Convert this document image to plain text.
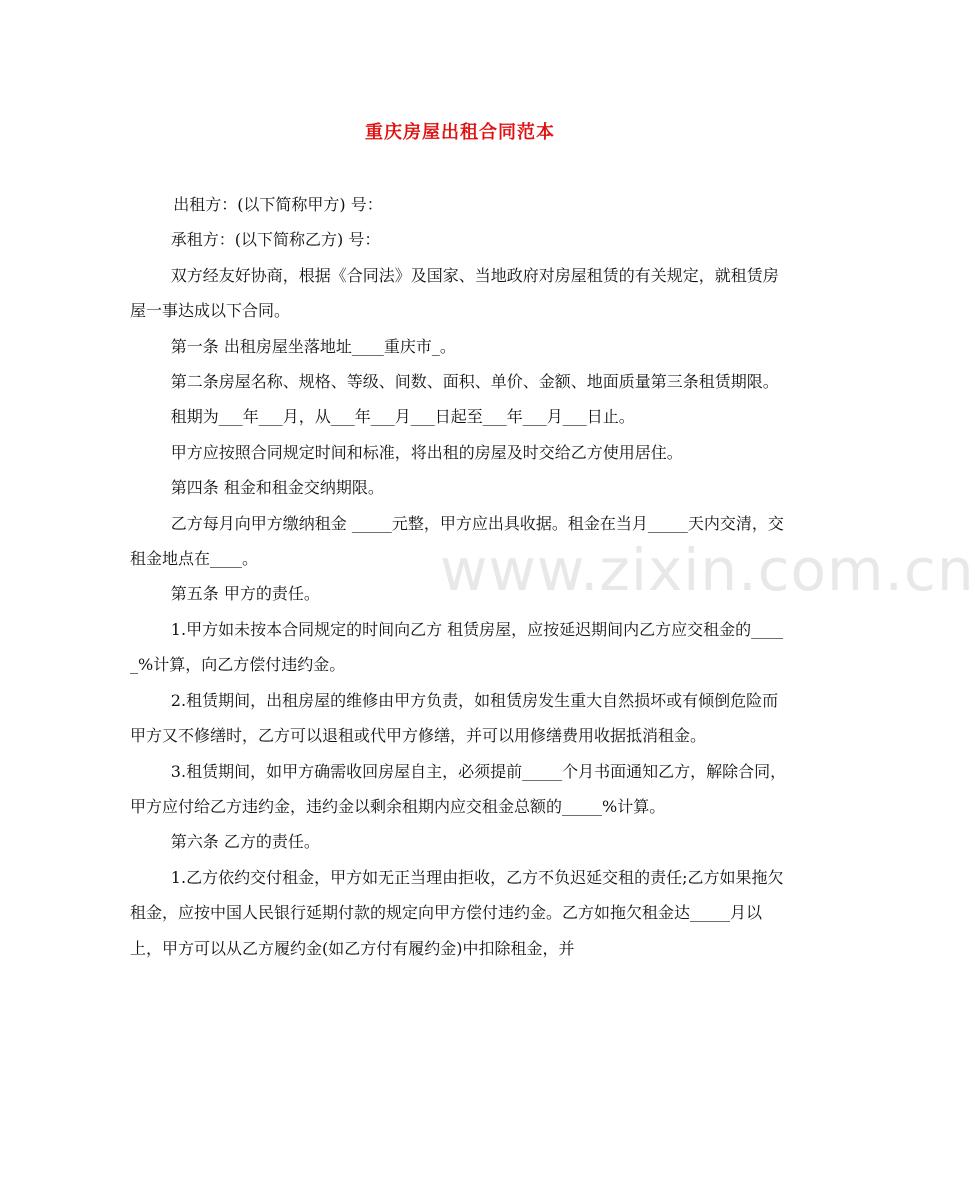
重庆房屋出租合同范本

出租方：(以下简称甲方) 号：

承租方：(以下简称乙方) 号：

双方经友好协商，根据《合同法》及国家、当地政府对房屋租赁的有关规定，就租赁房屋一事达成以下合同。

第一条 出租房屋坐落地址____重庆市_。

第二条房屋名称、规格、等级、间数、面积、单价、金额、地面质量第三条租赁期限。

租期为___年___月，从___年___月___日起至___年___月___日止。

甲方应按照合同规定时间和标准，将出租的房屋及时交给乙方使用居住。

第四条 租金和租金交纳期限。

乙方每月向甲方缴纳租金 _____元整，甲方应出具收据。租金在当月_____天内交清，交租金地点在____。

第五条 甲方的责任。

1.甲方如未按本合同规定的时间向乙方 租赁房屋，应按延迟期间内乙方应交租金的_____%计算，向乙方偿付违约金。

2.租赁期间，出租房屋的维修由甲方负责，如租赁房发生重大自然损坏或有倾倒危险而甲方又不修缮时，乙方可以退租或代甲方修缮，并可以用修缮费用收据抵消租金。

3.租赁期间，如甲方确需收回房屋自主，必须提前_____个月书面通知乙方，解除合同，甲方应付给乙方违约金，违约金以剩余租期内应交租金总额的_____%计算。

第六条 乙方的责任。

1.乙方依约交付租金，甲方如无正当理由拒收，乙方不负迟延交租的责任;乙方如果拖欠租金，应按中国人民银行延期付款的规定向甲方偿付违约金。乙方如拖欠租金达_____月以上，甲方可以从乙方履约金(如乙方付有履约金)中扣除租金，并

www.zixin.com.cn
